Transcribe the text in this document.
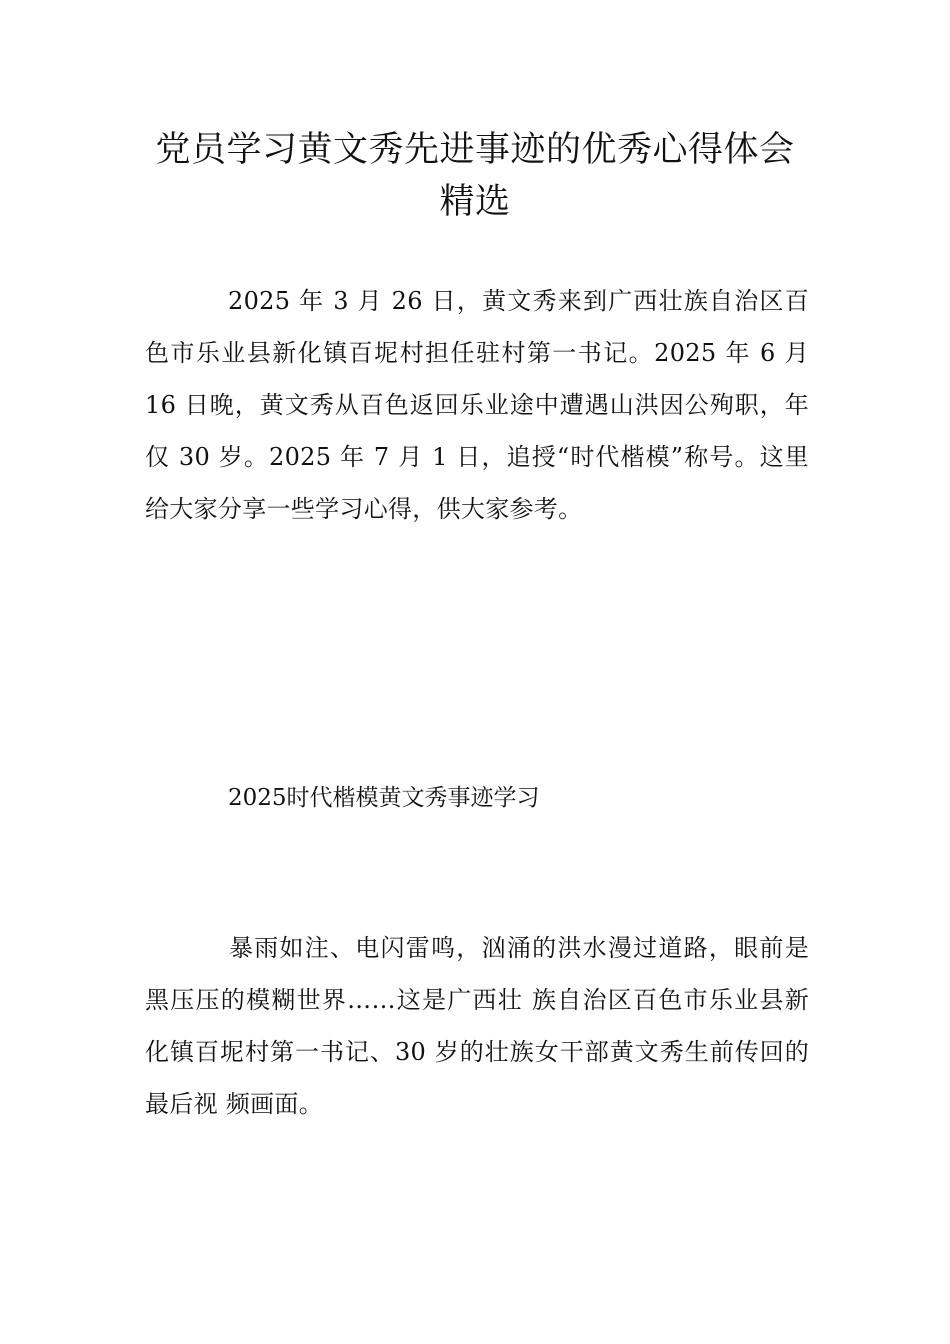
党员学习黄文秀先进事迹的优秀心得体会
精选

2025 年 3 月 26 日，黄文秀来到广西壮族自治区百色市乐业县新化镇百坭村担任驻村第一书记。2025 年 6 月 16 日晚，黄文秀从百色返回乐业途中遭遇山洪因公殉职，年仅 30 岁。2025 年 7 月 1 日，追授“时代楷模”称号。这里给大家分享一些学习心得，供大家参考。

2025时代楷模黄文秀事迹学习

暴雨如注、电闪雷鸣，汹涌的洪水漫过道路，眼前是黑压压的模糊世界……这是广西壮 族自治区百色市乐业县新化镇百坭村第一书记、30 岁的壮族女干部黄文秀生前传回的最后视 频画面。
